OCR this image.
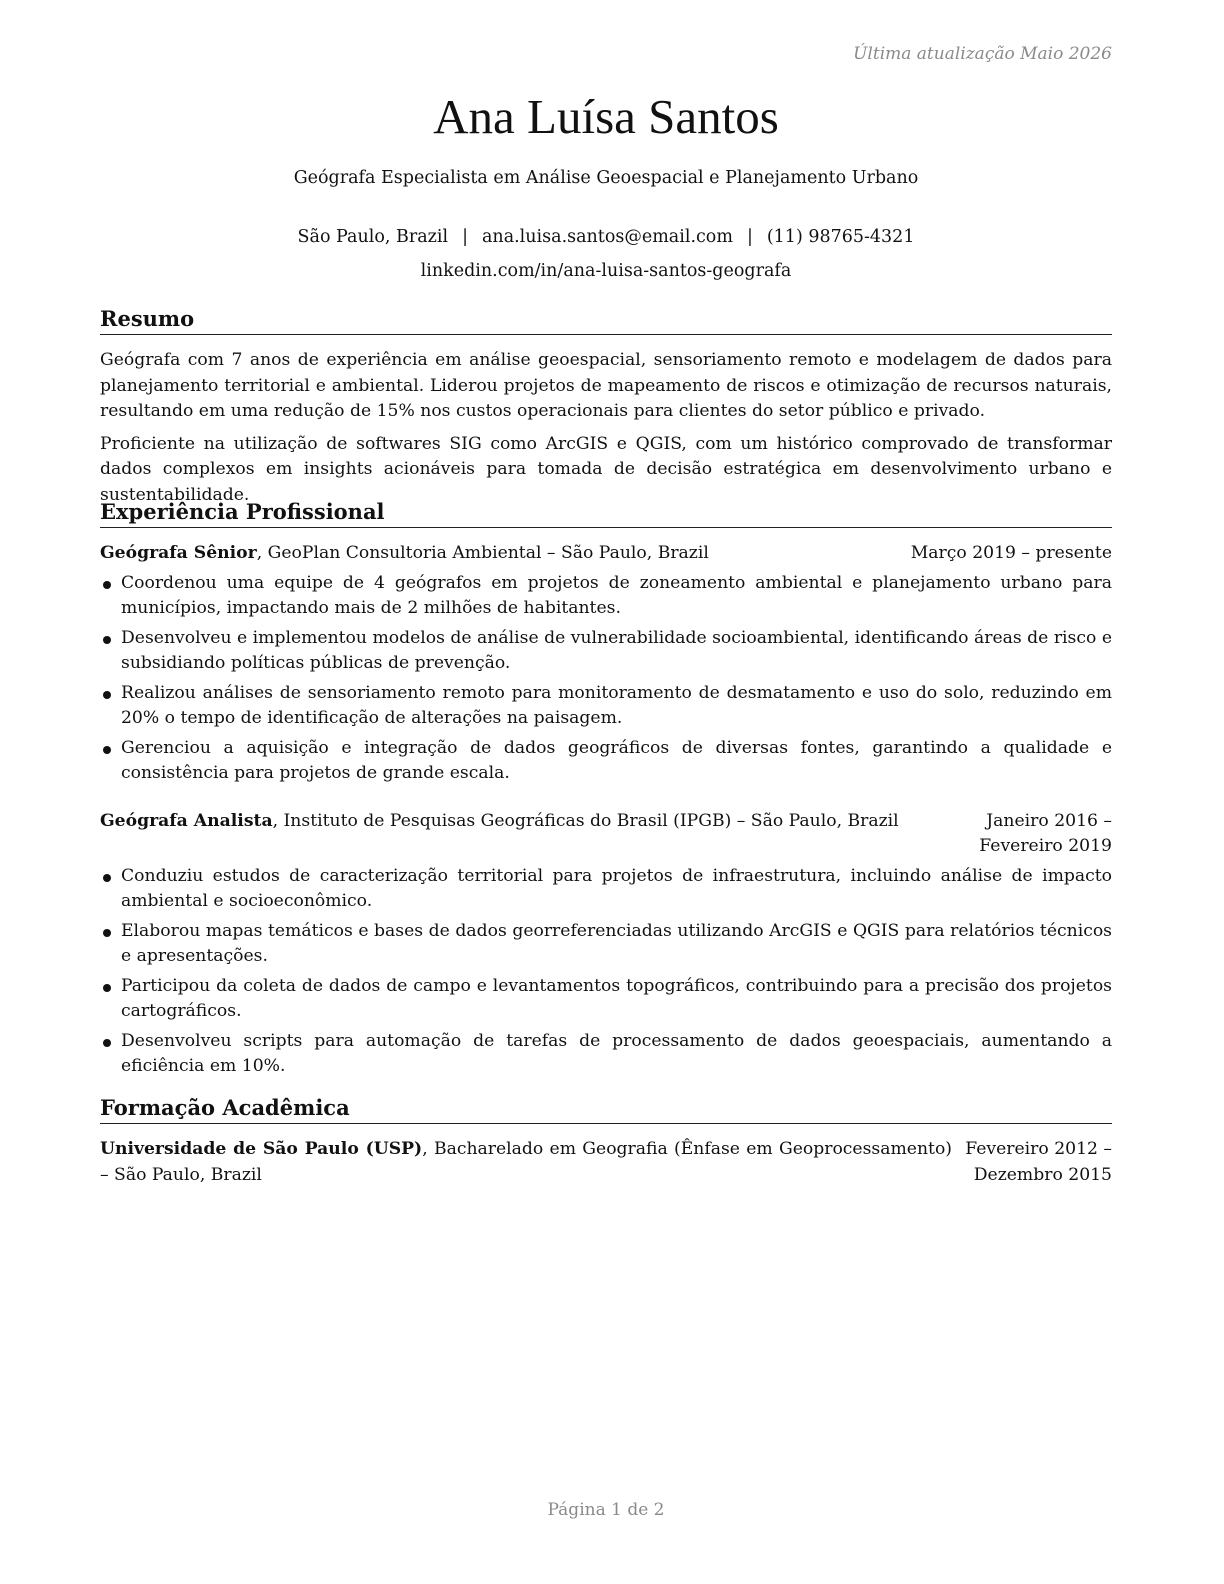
Última atualização Maio 2026
Ana Luísa Santos
Geógrafa Especialista em Análise Geoespacial e Planejamento Urbano
São Paulo, Brazil | ana.luisa.santos@email.com | (11) 98765-4321
linkedin.com/in/ana-luisa-santos-geografa
Resumo

Geógrafa com 7 anos de experiência em análise geoespacial, sensoriamento remoto e modelagem de dados para planejamento territorial e ambiental. Liderou projetos de mapeamento de riscos e otimização de recursos naturais, resultando em uma redução de 15% nos custos operacionais para clientes do setor público e privado.

Proficiente na utilização de softwares SIG como ArcGIS e QGIS, com um histórico comprovado de transformar dados complexos em insights acionáveis para tomada de decisão estratégica em desenvolvimento urbano e sustentabilidade.

Experiência Profissional
Geógrafa Sênior, GeoPlan Consultoria Ambiental – São Paulo, Brazil	Março 2019 – presente
Coordenou uma equipe de 4 geógrafos em projetos de zoneamento ambiental e planejamento urbano para municípios, impactando mais de 2 milhões de habitantes.
Desenvolveu e implementou modelos de análise de vulnerabilidade socioambiental, identificando áreas de risco e subsidiando políticas públicas de prevenção.
Realizou análises de sensoriamento remoto para monitoramento de desmatamento e uso do solo, reduzindo em 20% o tempo de identificação de alterações na paisagem.
Gerenciou a aquisição e integração de dados geográficos de diversas fontes, garantindo a qualidade e consistência para projetos de grande escala.
Geógrafa Analista, Instituto de Pesquisas Geográficas do Brasil (IPGB) – São Paulo, Brazil	Janeiro 2016 – Fevereiro 2019
Conduziu estudos de caracterização territorial para projetos de infraestrutura, incluindo análise de impacto ambiental e socioeconômico.
Elaborou mapas temáticos e bases de dados georreferenciadas utilizando ArcGIS e QGIS para relatórios técnicos e apresentações.
Participou da coleta de dados de campo e levantamentos topográficos, contribuindo para a precisão dos projetos cartográficos.
Desenvolveu scripts para automação de tarefas de processamento de dados geoespaciais, aumentando a eficiência em 10%.
Formação Acadêmica
Universidade de São Paulo (USP), Bacharelado em Geografia (Ênfase em Geoprocessamento) – São Paulo, Brazil
Fevereiro 2012 – Dezembro 2015
Página 1 de 2
